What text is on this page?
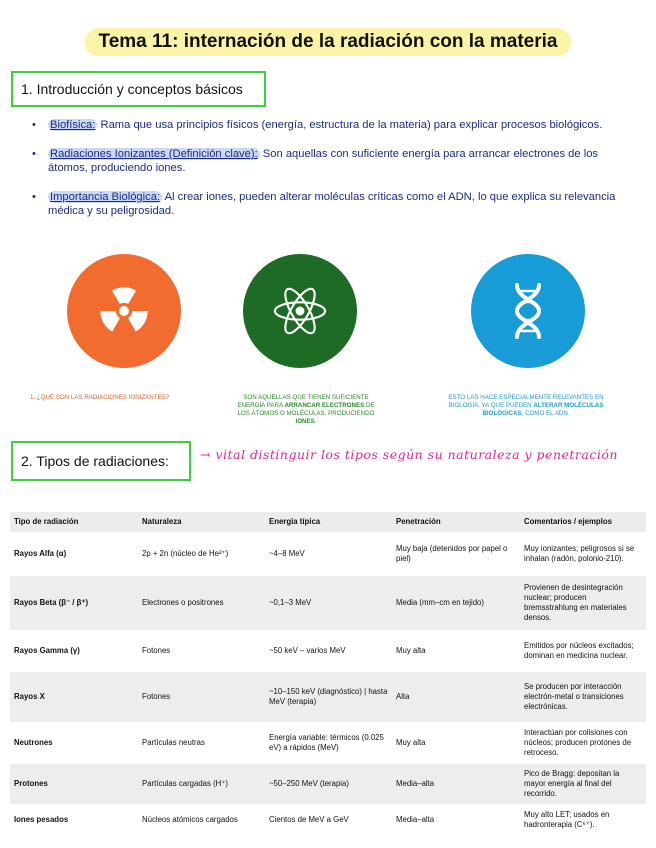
Tema 11: internación de la radiación con la materia
1. Introducción y conceptos básicos
• Biofísica: Rama que usa principios físicos (energía, estructura de la materia) para explicar procesos biológicos.
• Radiaciones Ionizantes (Definición clave): Son aquellas con suficiente energía para arrancar electrones de los átomos, produciendo iones.
• Importancia Biológica: Al crear iones, pueden alterar moléculas críticas como el ADN, lo que explica su relevancia médica y su peligrosidad.
1. ¿QUÉ SON LAS RADIACIONES IONIZANTES?	SON AQUELLAS QUE TIENEN SUFICIENTE ENERGÍA PARA ARRANCAR ELECTRONES DE LOS ÁTOMOS O MOLÉCULAS, PRODUCIENDO IONES.
ESTO LAS HACE ESPECIALMENTE RELEVANTES EN BIOLOGÍA, YA QUE PUEDEN ALTERAR MOLÉCULAS BIOLÓGICAS, COMO EL ADN.
2. Tipos de radiaciones:	→ vital distinguir los tipos según su naturaleza y penetración
Tipo de radiación	Naturaleza	Energía típica	Penetración	Comentarios / ejemplos
Rayos Alfa (α)	2p + 2n (núcleo de He²⁺)	~4–8 MeV	Muy baja (detenidos por papel o piel)	Muy ionizantes; peligrosos si se inhalan (radón, polonio-210).
Rayos Beta (β⁻ / β⁺)	Electrones o positrones	~0,1–3 MeV	Media (mm–cm en tejido)	Provienen de desintegración nuclear; producen bremsstrahlung en materiales densos.
Rayos Gamma (γ)	Fotones	~50 keV – varios MeV	Muy alta	Emitidos por núcleos excitados; dominan en medicina nuclear.
Rayos X	Fotones	~10–150 keV (diagnóstico) | hasta MeV (terapia)	Alta	Se producen por interacción electrón-metal o transiciones electrónicas.
Neutrones	Partículas neutras	Energía variable: térmicos (0.025 eV) a rápidos (MeV)	Muy alta	Interactúan por colisiones con núcleos; producen protones de retroceso.
Protones	Partículas cargadas (H⁺)	~50–250 MeV (terapia)	Media–alta	Pico de Bragg: depositan la mayor energía al final del recorrido.
Iones pesados	Núcleos atómicos cargados	Cientos de MeV a GeV	Media–alta	Muy alto LET; usados en hadronterapia (C⁶⁺).
